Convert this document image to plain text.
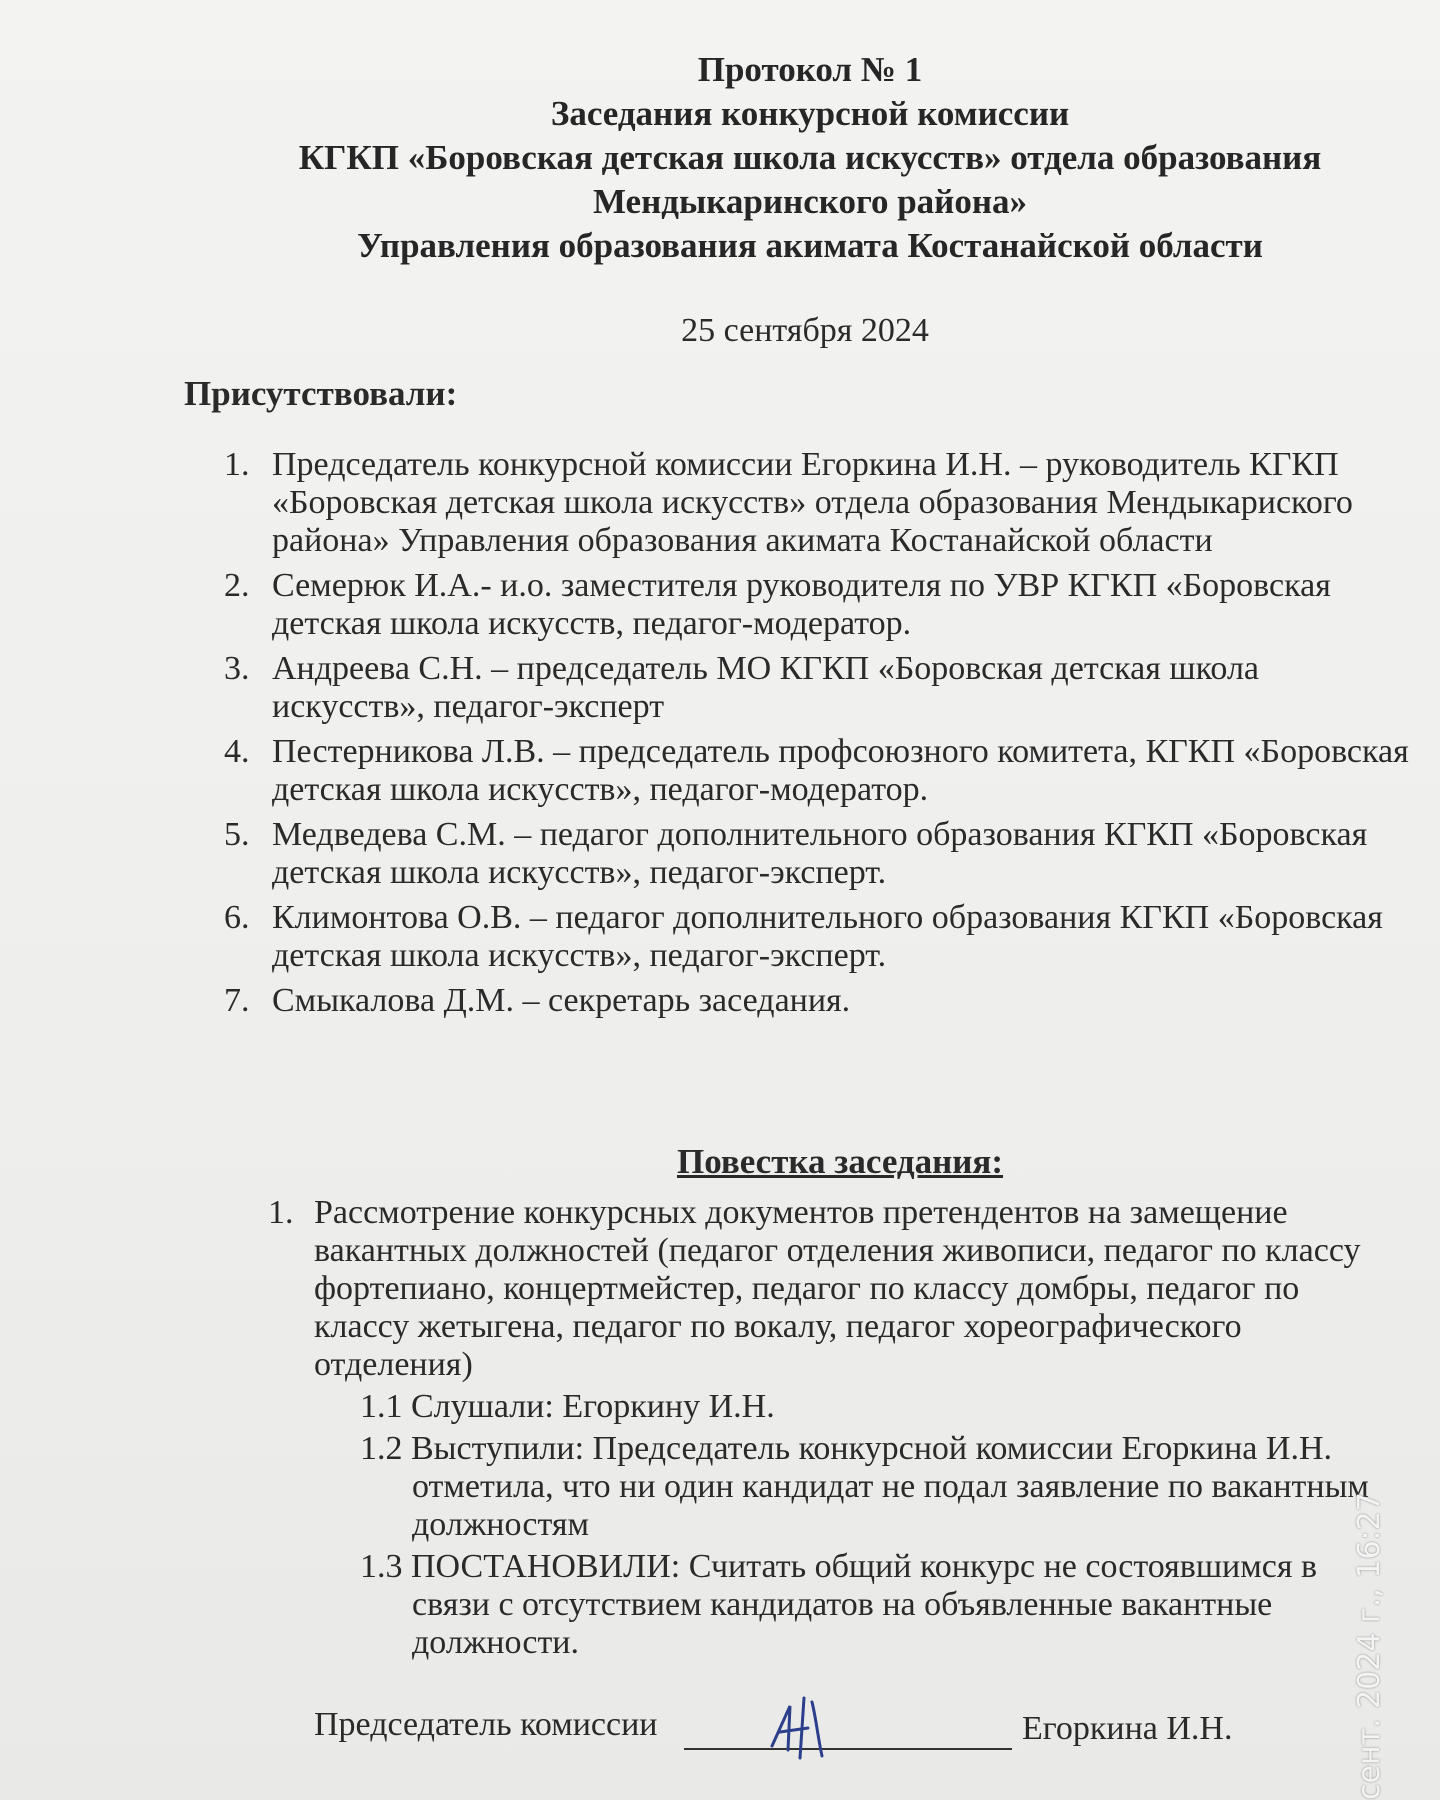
Протокол № 1
Заседания конкурсной комиссии
КГКП «Боровская детская школа искусств» отдела образования
Мендыкаринского района»
Управления образования акимата Костанайской области
25 сентября 2024
Присутствовали:
1. Председатель конкурсной комиссии Егоркина И.Н. – руководитель КГКП «Боровская детская школа искусств» отдела образования Мендыкариского района» Управления образования акимата Костанайской области
2. Семерюк И.А.- и.о. заместителя руководителя по УВР КГКП «Боровская детская школа искусств, педагог-модератор.
3. Андреева С.Н. – председатель МО КГКП «Боровская детская школа искусств», педагог-эксперт
4. Пестерникова Л.В. – председатель профсоюзного комитета, КГКП «Боровская детская школа искусств», педагог-модератор.
5. Медведева С.М. – педагог дополнительного образования КГКП «Боровская детская школа искусств», педагог-эксперт.
6. Климонтова О.В. – педагог дополнительного образования КГКП «Боровская детская школа искусств», педагог-эксперт.
7. Смыкалова Д.М. – секретарь заседания.
Повестка заседания:
1. Рассмотрение конкурсных документов претендентов на замещение вакантных должностей (педагог отделения живописи, педагог по классу фортепиано, концертмейстер, педагог по классу домбры, педагог по классу жетыгена, педагог по вокалу, педагог хореографического отделения)
1.1 Слушали: Егоркину И.Н.
1.2 Выступили: Председатель конкурсной комиссии Егоркина И.Н. отметила, что ни один кандидат не подал заявление по вакантным должностям
1.3 ПОСТАНОВИЛИ: Считать общий конкурс не состоявшимся в связи с отсутствием кандидатов на объявленные вакантные должности.
Председатель комиссии	Егоркина И.Н.	сент. 2024 г., 16:27
